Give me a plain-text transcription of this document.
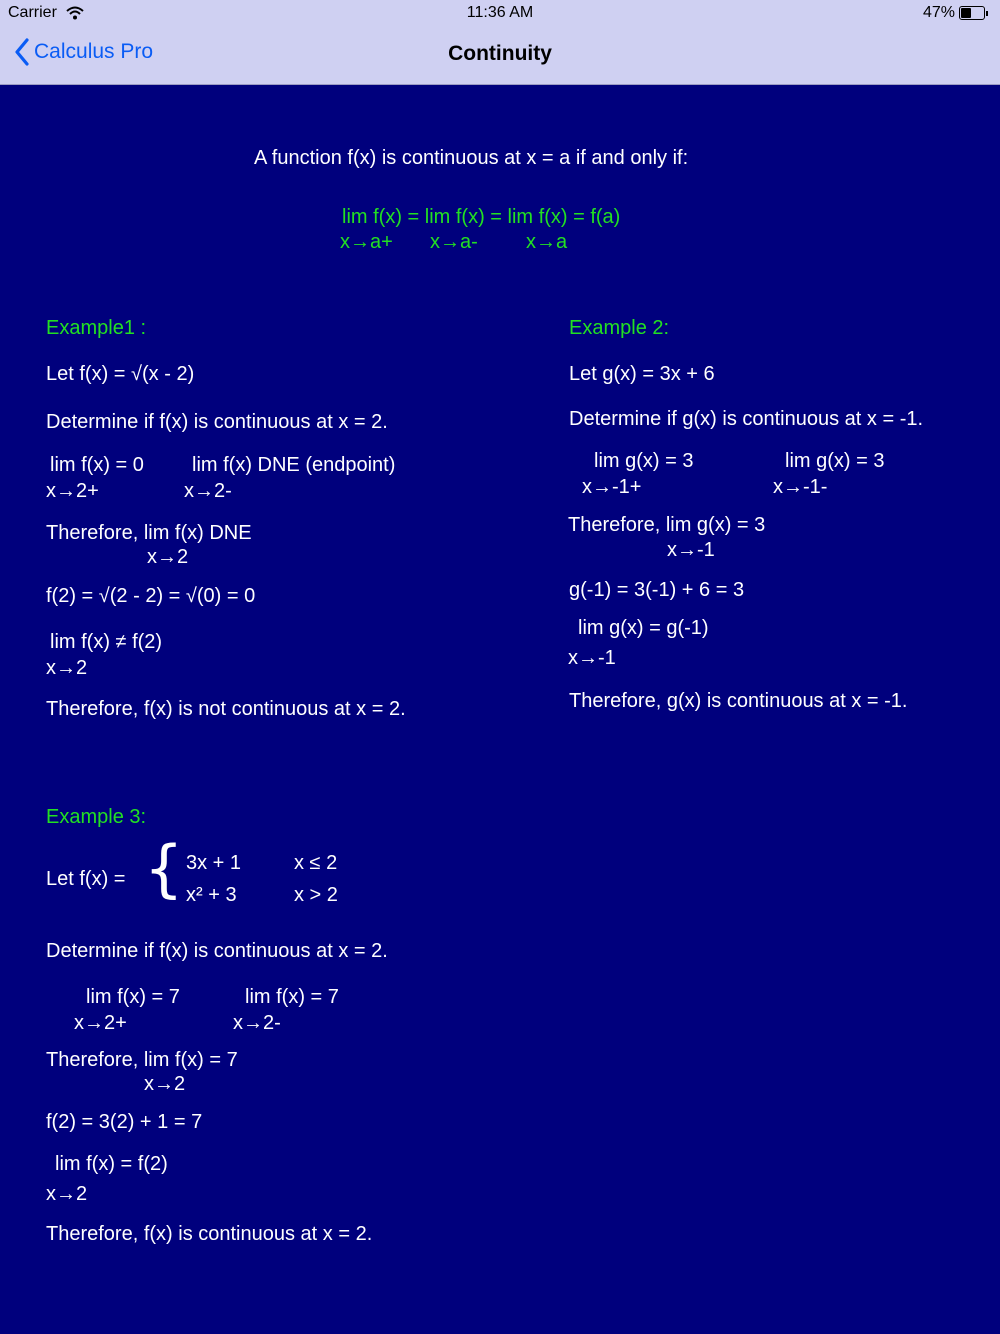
Carrier	11:36 AM	47%
Calculus Pro	Continuity
A function f(x) is continuous at x = a if and only if:
lim f(x) = lim f(x) = lim f(x) = f(a)
x→a+ x→a- x→a
Example1 :
Let f(x) = √(x - 2)
Determine if f(x) is continuous at x = 2.
lim f(x) = 0
x→2+
lim f(x) DNE (endpoint)
x→2-
Therefore, lim f(x) DNE
x→2
f(2) = √(2 - 2) = √(0) = 0
lim f(x) ≠ f(2)
x→2
Therefore, f(x) is not continuous at x = 2.
Example 2:
Let g(x) = 3x + 6
Determine if g(x) is continuous at x = -1.
lim g(x) = 3
x→-1+
lim g(x) = 3
x→-1-
Therefore, lim g(x) = 3
x→-1
g(-1) = 3(-1) + 6 = 3
lim g(x) = g(-1)
x→-1
Therefore, g(x) is continuous at x = -1.
Example 3:
Let f(x) = { 3x + 1	x ≤ 2
x² + 3	x > 2
Determine if f(x) is continuous at x = 2.
lim f(x) = 7
x→2+
lim f(x) = 7
x→2-
Therefore, lim f(x) = 7
x→2
f(2) = 3(2) + 1 = 7
lim f(x) = f(2)
x→2
Therefore, f(x) is continuous at x = 2.
